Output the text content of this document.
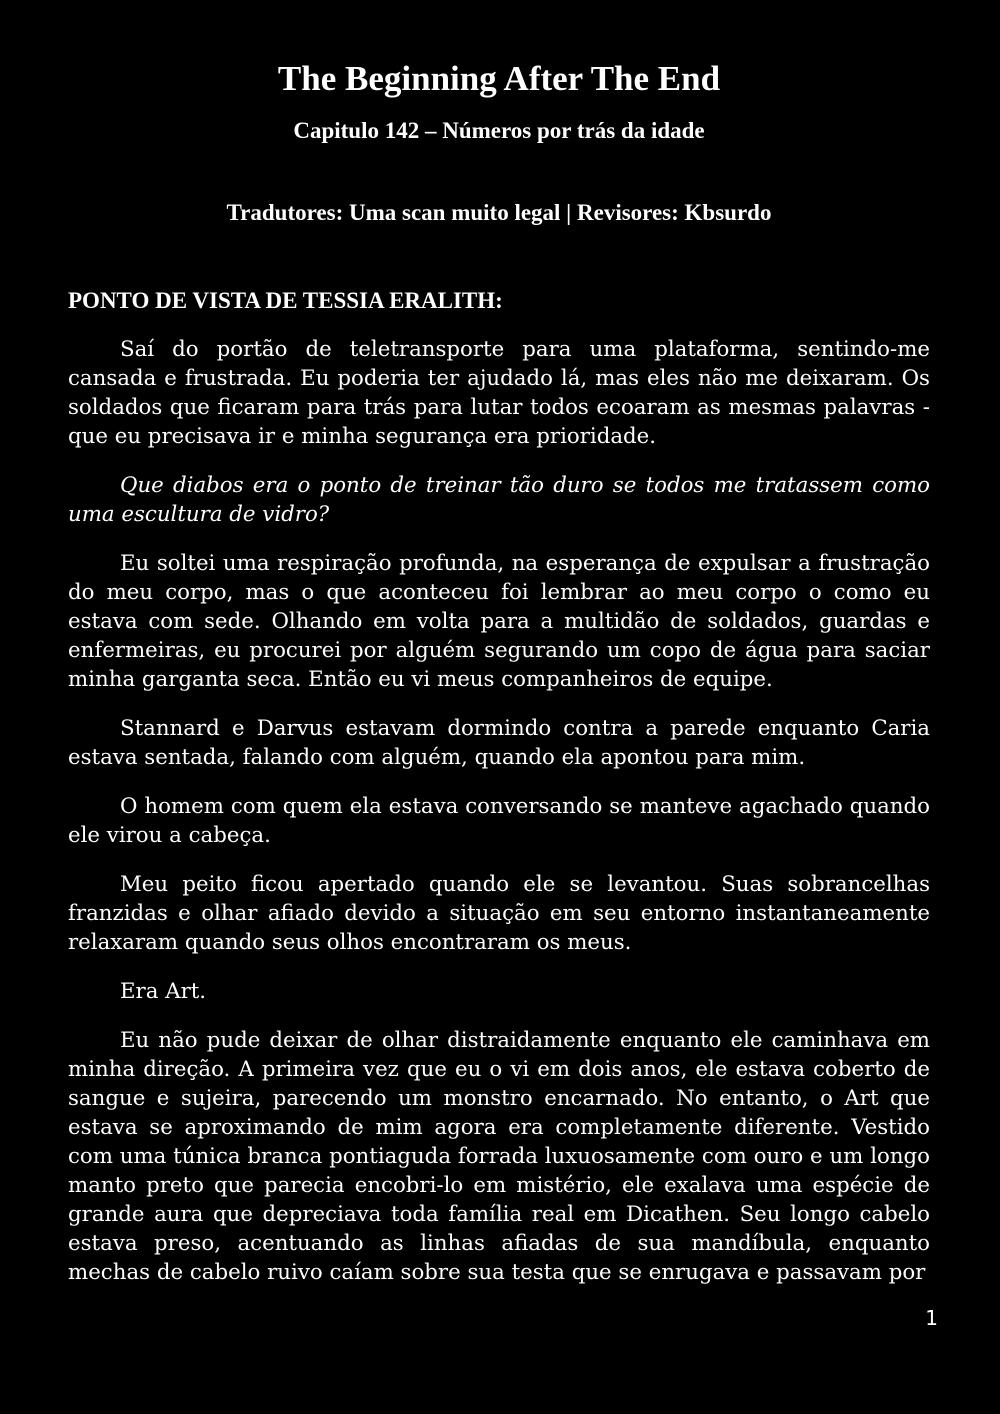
The Beginning After The End
Capitulo 142 – Números por trás da idade
Tradutores: Uma scan muito legal | Revisores: Kbsurdo
PONTO DE VISTA DE TESSIA ERALITH:

Saí do portão de teletransporte para uma plataforma, sentindo-me cansada e frustrada. Eu poderia ter ajudado lá, mas eles não me deixaram. Os soldados que ficaram para trás para lutar todos ecoaram as mesmas palavras - que eu precisava ir e minha segurança era prioridade.

Que diabos era o ponto de treinar tão duro se todos me tratassem como uma escultura de vidro?

Eu soltei uma respiração profunda, na esperança de expulsar a frustração do meu corpo, mas o que aconteceu foi lembrar ao meu corpo o como eu estava com sede. Olhando em volta para a multidão de soldados, guardas e enfermeiras, eu procurei por alguém segurando um copo de água para saciar minha garganta seca. Então eu vi meus companheiros de equipe.

Stannard e Darvus estavam dormindo contra a parede enquanto Caria estava sentada, falando com alguém, quando ela apontou para mim.

O homem com quem ela estava conversando se manteve agachado quando ele virou a cabeça.

Meu peito ficou apertado quando ele se levantou. Suas sobrancelhas franzidas e olhar afiado devido a situação em seu entorno instantaneamente relaxaram quando seus olhos encontraram os meus.

Era Art.

Eu não pude deixar de olhar distraidamente enquanto ele caminhava em minha direção. A primeira vez que eu o vi em dois anos, ele estava coberto de sangue e sujeira, parecendo um monstro encarnado. No entanto, o Art que estava se aproximando de mim agora era completamente diferente. Vestido com uma túnica branca pontiaguda forrada luxuosamente com ouro e um longo manto preto que parecia encobri-lo em mistério, ele exalava uma espécie de grande aura que depreciava toda família real em Dicathen. Seu longo cabelo estava preso, acentuando as linhas afiadas de sua mandíbula, enquanto mechas de cabelo ruivo caíam sobre sua testa que se enrugava e passavam por

1
